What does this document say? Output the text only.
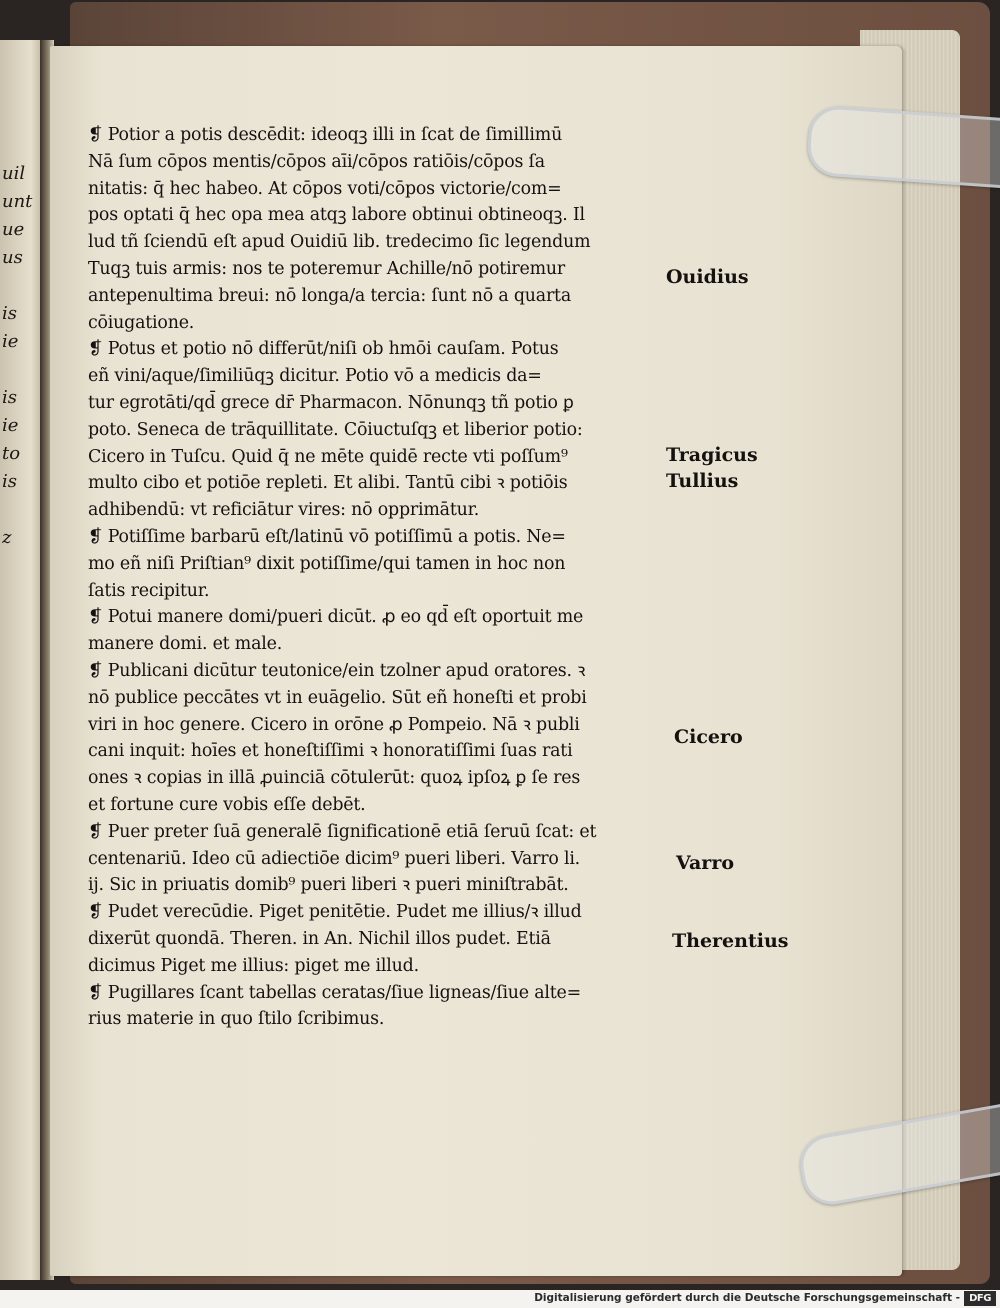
uil
unt
ue
us

is
ie

is
ie
to
is

z
❡ Potior a potis descēdit: ideoqꝫ illi in ſcat de ſimillimū
Nā ſum cōpos mentis/cōpos aīi/cōpos ratiōis/cōpos ſa
nitatis: q̄ hec habeo. At cōpos voti/cōpos victorie/com=
pos optati q̄ hec opa mea atqꝫ labore obtinui obtineoqꝫ. Il
lud tñ ſciendū eſt apud Ouidiū lib. tredecimo ſic legendum
Tuqꝫ tuis armis: nos te poteremur Achille/nō potiremur
antepenultima breui: nō longa/a tercia: ſunt nō a quarta
cōiugatione.
❡ Potus et potio nō differūt/niſi ob hmōi cauſam. Potus
eñ vini/aque/ſimiliūqꝫ dicitur. Potio vō a medicis da=
tur egrotāti/qd̄ grece dr̄ Pharmacon. Nōnunqꝫ tñ potio ꝑ
poto. Seneca de trāquillitate. Cōiuctuſqꝫ et liberior potio:
Cicero in Tuſcu. Quid q̄ ne mēte quidē recte vti poſſum⁹
multo cibo et potiōe repleti. Et alibi. Tantū cibi ꝛ potiōis
adhibendū: vt reficiātur vires: nō opprimātur.
❡ Potiſſime barbarū eſt/latinū vō potiſſimū a potis. Ne=
mo eñ niſi Priſtian⁹ dixit potiſſime/qui tamen in hoc non
ſatis recipitur.
❡ Potui manere domi/pueri dicūt. ꝓ eo qd̄ eſt oportuit me
manere domi. et male.
❡ Publicani dicūtur teutonice/ein tzolner apud oratores. ꝛ
nō publice peccātes vt in euāgelio. Sūt eñ honeſti et probi
viri in hoc genere. Cicero in orōne ꝓ Pompeio. Nā ꝛ publi
cani inquit: hoīes et honeſtiſſimi ꝛ honoratiſſimi ſuas rati
ones ꝛ copias in illā ꝓuinciā cōtulerūt: quoꝝ ipſoꝝ ꝑ ſe res
et fortune cure vobis eſſe debēt.
❡ Puer preter ſuā generalē ſignificationē etiā ſeruū ſcat: et
centenariū. Ideo cū adiectiōe dicim⁹ pueri liberi. Varro li.
ij. Sic in priuatis domib⁹ pueri liberi ꝛ pueri miniſtrabāt.
❡ Pudet verecūdie. Piget penitētie. Pudet me illius/ꝛ illud
dixerūt quondā. Theren. in An. Nichil illos pudet. Etiā
dicimus Piget me illius: piget me illud.
❡ Pugillares ſcant tabellas ceratas/ſiue ligneas/ſiue alte=
rius materie in quo ſtilo ſcribimus.
Ouidius
Tragicus
Tullius
Cicero
Varro
Therentius
Digitalisierung gefördert durch die Deutsche Forschungsgemeinschaft - DFG
